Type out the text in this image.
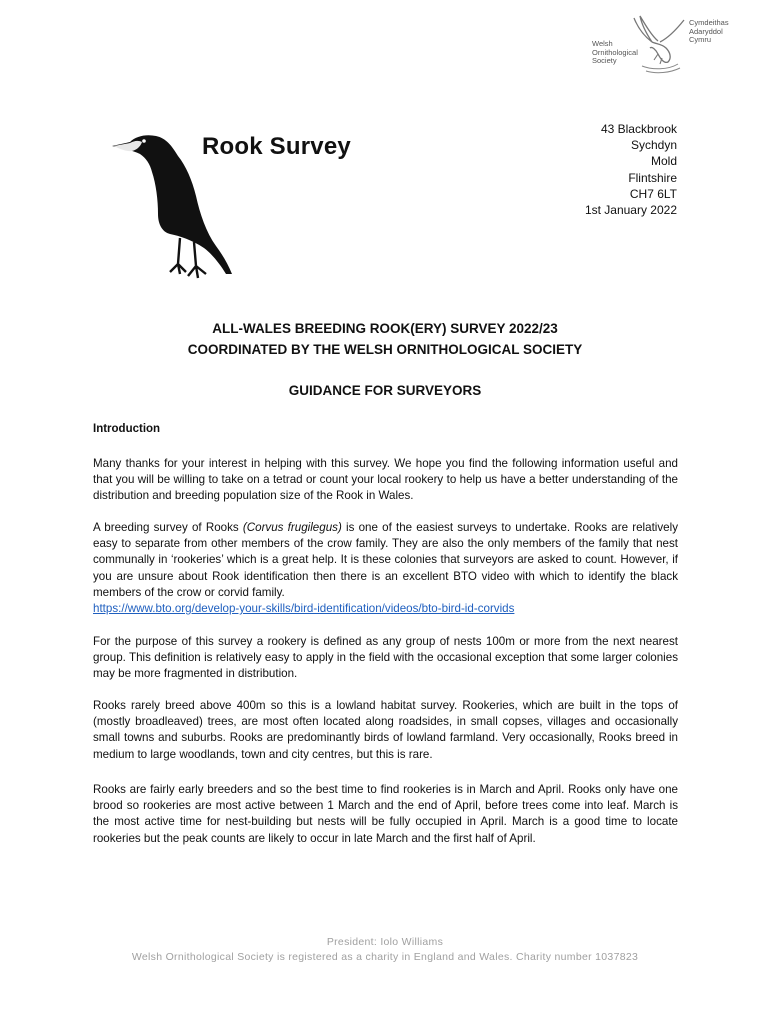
Welsh
Ornithological
Society
Cymdeithas
Adaryddol
Cymru
Rook Survey
43 Blackbrook
Sychdyn
Mold
Flintshire
CH7 6LT
1st January 2022
ALL-WALES BREEDING ROOK(ERY) SURVEY 2022/23
COORDINATED BY THE WELSH ORNITHOLOGICAL SOCIETY
GUIDANCE FOR SURVEYORS
Introduction
Many thanks for your interest in helping with this survey. We hope you find the following information useful and that you will be willing to take on a tetrad or count your local rookery to help us have a better understanding of the distribution and breeding population size of the Rook in Wales.
A breeding survey of Rooks (Corvus frugilegus) is one of the easiest surveys to undertake. Rooks are relatively easy to separate from other members of the crow family. They are also the only members of the family that nest communally in ‘rookeries’ which is a great help. It is these colonies that surveyors are asked to count. However, if you are unsure about Rook identification then there is an excellent BTO video with which to identify the black members of the crow or corvid family.
https://www.bto.org/develop-your-skills/bird-identification/videos/bto-bird-id-corvids
For the purpose of this survey a rookery is defined as any group of nests 100m or more from the next nearest group. This definition is relatively easy to apply in the field with the occasional exception that some larger colonies may be more fragmented in distribution.
Rooks rarely breed above 400m so this is a lowland habitat survey. Rookeries, which are built in the tops of (mostly broadleaved) trees, are most often located along roadsides, in small copses, villages and occasionally small towns and suburbs. Rooks are predominantly birds of lowland farmland. Very occasionally, Rooks breed in medium to large woodlands, town and city centres, but this is rare.
Rooks are fairly early breeders and so the best time to find rookeries is in March and April. Rooks only have one brood so rookeries are most active between 1 March and the end of April, before trees come into leaf. March is the most active time for nest-building but nests will be fully occupied in April. March is a good time to locate rookeries but the peak counts are likely to occur in late March and the first half of April.
President: Iolo Williams
Welsh Ornithological Society is registered as a charity in England and Wales. Charity number 1037823
